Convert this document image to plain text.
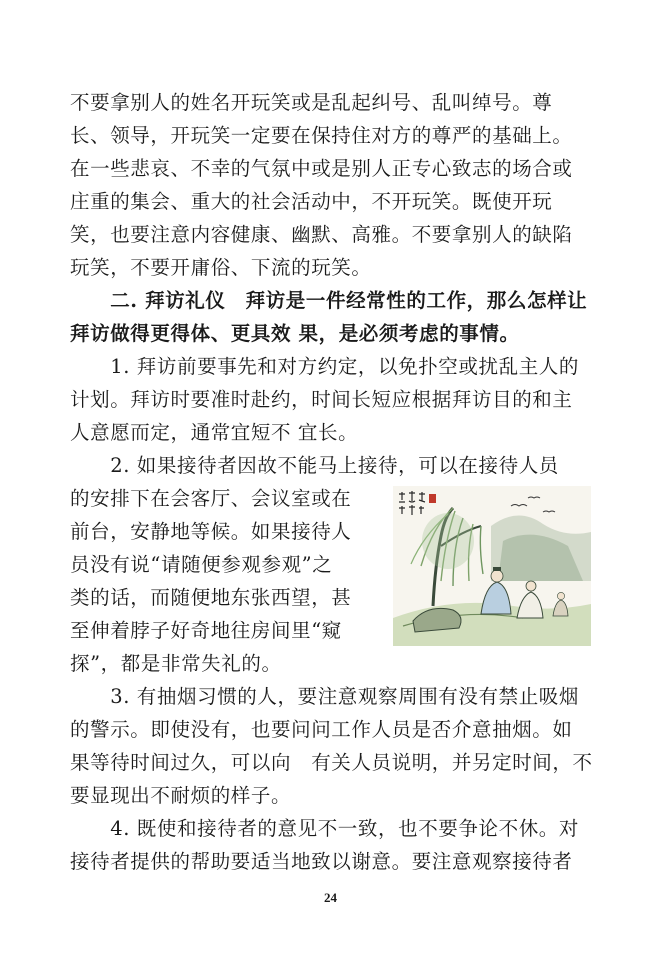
不要拿别人的姓名开玩笑或是乱起纠号、乱叫绰号。尊
长、领导，开玩笑一定要在保持住对方的尊严的基础上。
在一些悲哀、不幸的气氛中或是别人正专心致志的场合或
庄重的集会、重大的社会活动中，不开玩笑。既使开玩
笑，也要注意内容健康、幽默、高雅。不要拿别人的缺陷
玩笑，不要开庸俗、下流的玩笑。
　　二. 拜访礼仪　拜访是一件经常性的工作，那么怎样让
拜访做得更得体、更具效 果，是必须考虑的事情。
　　1. 拜访前要事先和对方约定，以免扑空或扰乱主人的
计划。拜访时要准时赴约，时间长短应根据拜访目的和主
人意愿而定，通常宜短不 宜长。
　　2. 如果接待者因故不能马上接待，可以在接待人员
的安排下在会客厅、会议室或在
前台，安静地等候。如果接待人
员没有说“请随便参观参观”之
类的话，而随便地东张西望，甚
至伸着脖子好奇地往房间里“窥
探”，都是非常失礼的。
　　3. 有抽烟习惯的人，要注意观察周围有没有禁止吸烟
的警示。即使没有，也要问问工作人员是否介意抽烟。如
果等待时间过久，可以向　有关人员说明，并另定时间，不
要显现出不耐烦的样子。
24
　　4. 既使和接待者的意见不一致，也不要争论不休。对
接待者提供的帮助要适当地致以谢意。要注意观察接待者
